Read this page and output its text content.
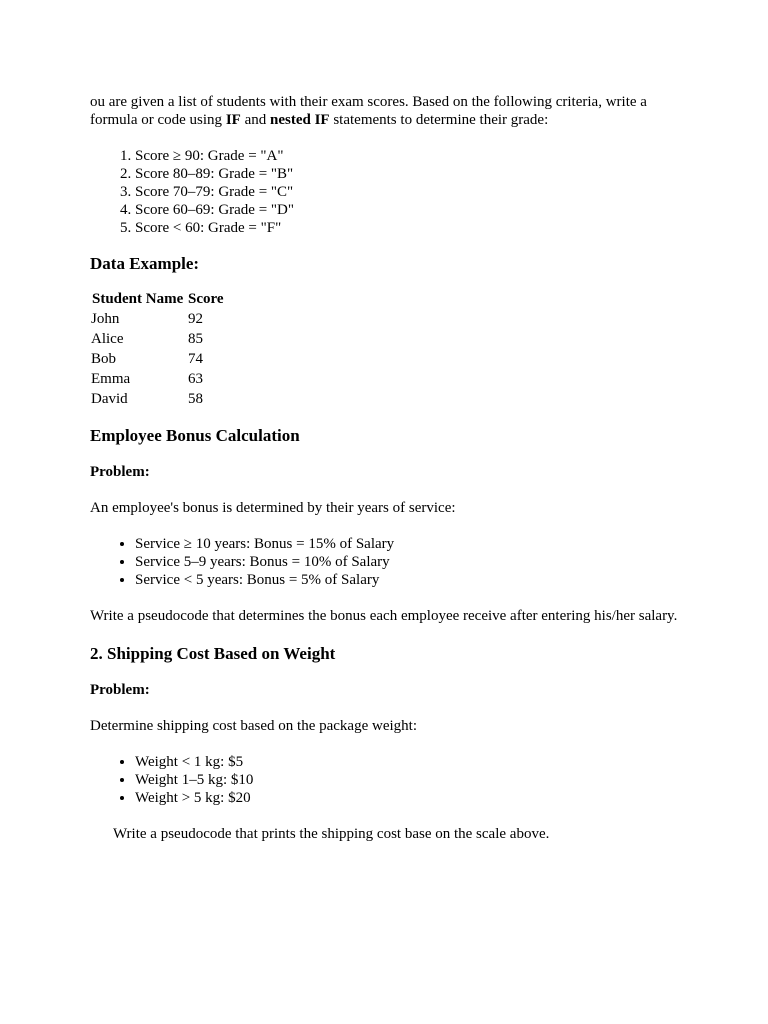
ou are given a list of students with their exam scores. Based on the following criteria, write a formula or code using IF and nested IF statements to determine their grade:

1. Score ≥ 90: Grade = "A"
2. Score 80–89: Grade = "B"
3. Score 70–79: Grade = "C"
4. Score 60–69: Grade = "D"
5. Score < 60: Grade = "F"
Data Example:
Student Name	Score
John	92
Alice	85
Bob	74
Emma	63
David	58
Employee Bonus Calculation

Problem:

An employee's bonus is determined by their years of service:

• Service ≥ 10 years: Bonus = 15% of Salary
• Service 5–9 years: Bonus = 10% of Salary
• Service < 5 years: Bonus = 5% of Salary

Write a pseudocode that determines the bonus each employee receive after entering his/her salary.

2. Shipping Cost Based on Weight

Problem:

Determine shipping cost based on the package weight:

• Weight < 1 kg: $5
• Weight 1–5 kg: $10
• Weight > 5 kg: $20

Write a pseudocode that prints the shipping cost base on the scale above.
